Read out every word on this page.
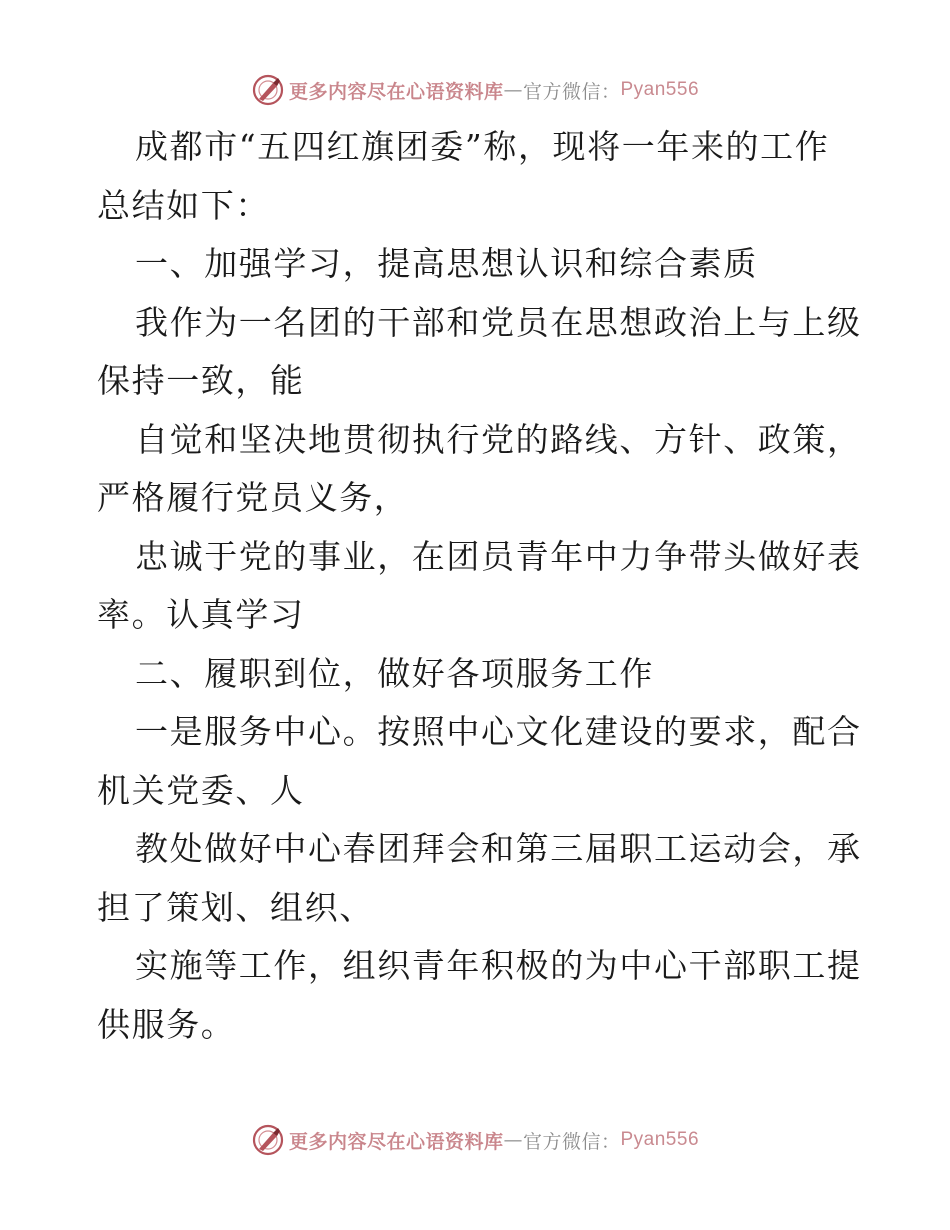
更多内容尽在心语资料库 — 官方微信： Pyan556
成都市“五四红旗团委”称，现将一年来的工作
总结如下：
一、加强学习，提高思想认识和综合素质
我作为一名团的干部和党员在思想政治上与上级
保持一致，能
自觉和坚决地贯彻执行党的路线、方针、政策，
严格履行党员义务，
忠诚于党的事业，在团员青年中力争带头做好表
率。认真学习
二、履职到位，做好各项服务工作
一是服务中心。按照中心文化建设的要求，配合
机关党委、人
教处做好中心春团拜会和第三届职工运动会，承
担了策划、组织、
实施等工作，组织青年积极的为中心干部职工提
供服务。
更多内容尽在心语资料库 — 官方微信： Pyan556
